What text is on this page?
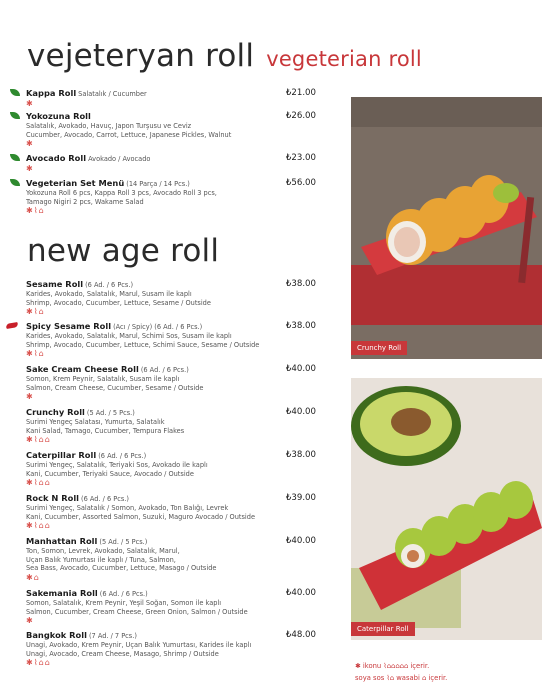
vejeteryan roll vegeterian roll
new age roll
Kappa Roll Salatalık / Cucumber	₺21.00
✱
Yokozuna Roll	₺26.00
Salatalık, Avokado, Havuç, Japon Turşusu ve Ceviz
Cucumber, Avocado, Carrot, Lettuce, Japanese Pickles, Walnut
✱
Avocado Roll Avokado / Avocado	₺23.00
✱
Vegeterian Set Menü (14 Parça / 14 Pcs.)	₺56.00
Yokozuna Roll 6 pcs, Kappa Roll 3 pcs, Avocado Roll 3 pcs,
Tamago Nigiri 2 pcs, Wakame Salad
✱⌇⌂
Sesame Roll (6 Ad. / 6 Pcs.)	₺38.00
Karides, Avokado, Salatalık, Marul, Susam ile kaplı
Shrimp, Avocado, Cucumber, Lettuce, Sesame / Outside
✱⌇⌂
Spicy Sesame Roll (Acı / Spicy) (6 Ad. / 6 Pcs.)	₺38.00
Karides, Avokado, Salatalık, Marul, Schimi Sos, Susam ile kaplı
Shrimp, Avocado, Cucumber, Lettuce, Schimi Sauce, Sesame / Outside
✱⌇⌂
Sake Cream Cheese Roll (6 Ad. / 6 Pcs.)	₺40.00
Somon, Krem Peynir, Salatalık, Susam ile kaplı
Salmon, Cream Cheese, Cucumber, Sesame / Outside
✱
Crunchy Roll (5 Ad. / 5 Pcs.)	₺40.00
Surimi Yengeç Salatası, Yumurta, Salatalık
Kani Salad, Tamago, Cucumber, Tempura Flakes
✱⌇⌂⌂
Caterpillar Roll (6 Ad. / 6 Pcs.)	₺38.00
Surimi Yengeç, Salatalık, Teriyaki Sos, Avokado ile kaplı
Kani, Cucumber, Teriyaki Sauce, Avocado / Outside
✱⌇⌂⌂
Rock N Roll (6 Ad. / 6 Pcs.)	₺39.00
Surimi Yengeç, Salatalık / Somon, Avokado, Ton Balığı, Levrek
Kani, Cucumber, Assorted Salmon, Suzuki, Maguro Avocado / Outside
✱⌇⌂⌂
Manhattan Roll (5 Ad. / 5 Pcs.)	₺40.00
Ton, Somon, Levrek, Avokado, Salatalık, Marul,
Uçan Balık Yumurtası ile kaplı / Tuna, Salmon,
Sea Bass, Avocado, Cucumber, Lettuce, Masago / Outside
✱⌂
Sakemania Roll (6 Ad. / 6 Pcs.)	₺40.00
Somon, Salatalık, Krem Peynir, Yeşil Soğan, Somon ile kaplı
Salmon, Cucumber, Cream Cheese, Green Onion, Salmon / Outside
✱
Bangkok Roll (7 Ad. / 7 Pcs.)	₺48.00
Unagi, Avokado, Krem Peynir, Uçan Balık Yumurtası, Karides ile kaplı
Unagi, Avocado, Cream Cheese, Masago, Shrimp / Outside
✱⌇⌂⌂
Crunchy Roll
Caterpillar Roll
✱ ikonu ⌇⌂⌂⌂⌂⌂ içerir.
soya sos ⌇⌂ wasabi ⌂ içerir.
